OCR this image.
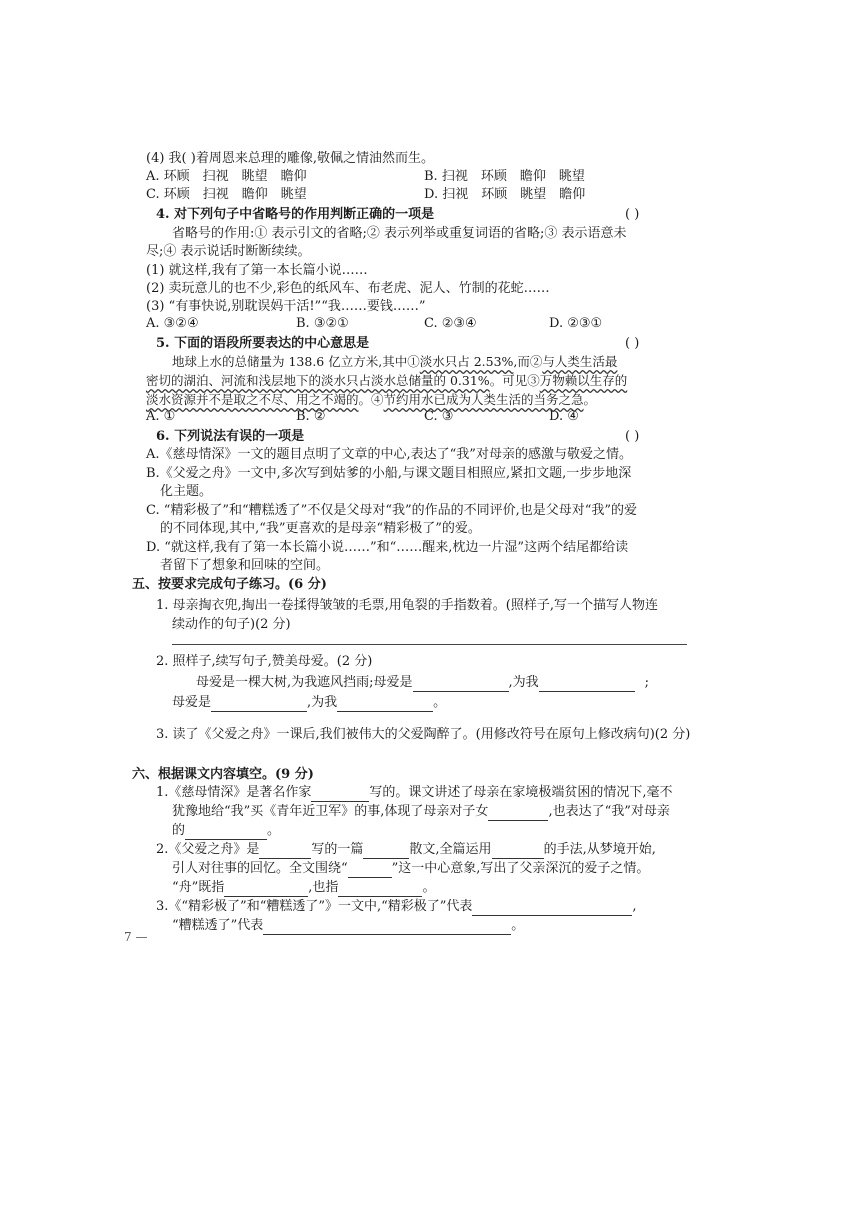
(4) 我( )着周恩来总理的雕像,敬佩之情油然而生。
A. 环顾　扫视　眺望　瞻仰	B. 扫视　环顾　瞻仰　眺望
C. 环顾　扫视　瞻仰　眺望	D. 扫视　环顾　眺望　瞻仰
4. 对下列句子中省略号的作用判断正确的一项是	( )
省略号的作用:① 表示引文的省略;② 表示列举或重复词语的省略;③ 表示语意未
尽;④ 表示说话时断断续续。
(1) 就这样,我有了第一本长篇小说……
(2) 卖玩意儿的也不少,彩色的纸风车、布老虎、泥人、竹制的花蛇……
(3) “有事快说,别耽误妈干活!”“我……要钱……”
A. ③②④	B. ③②①	C. ②③④	D. ②③①
5. 下面的语段所要表达的中心意思是	( )
地球上水的总储量为 138.6 亿立方米,其中①淡水只占 2.53%,而②与人类生活最
密切的湖泊、河流和浅层地下的淡水只占淡水总储量的 0.31%。可见③万物赖以生存的
淡水资源并不是取之不尽、用之不竭的。④节约用水已成为人类生活的当务之急。
A. ①	B. ②	C. ③	D. ④
6. 下列说法有误的一项是	( )
A.《慈母情深》一文的题目点明了文章的中心,表达了“我”对母亲的感激与敬爱之情。
B.《父爱之舟》一文中,多次写到姑爹的小船,与课文题目相照应,紧扣文题,一步步地深
化主题。
C. “精彩极了”和“糟糕透了”不仅是父母对“我”的作品的不同评价,也是父母对“我”的爱
的不同体现,其中,“我”更喜欢的是母亲“精彩极了”的爱。
D. “就这样,我有了第一本长篇小说……”和“……醒来,枕边一片湿”这两个结尾都给读
者留下了想象和回味的空间。
五、按要求完成句子练习。(6 分)
1. 母亲掏衣兜,掏出一卷揉得皱皱的毛票,用龟裂的手指数着。(照样子,写一个描写人物连
续动作的句子)(2 分)
2. 照样子,续写句子,赞美母爱。(2 分)
母爱是一棵大树,为我遮风挡雨;母爱是	,为我	;
母爱是	,为我	。
3. 读了《父爱之舟》一课后,我们被伟大的父爱陶醉了。(用修改符号在原句上修改病句)(2 分)
六、根据课文内容填空。(9 分)
1.《慈母情深》是著名作家	写的。课文讲述了母亲在家境极端贫困的情况下,毫不
犹豫地给“我”买《青年近卫军》的事,体现了母亲对子女	,也表达了“我”对母亲
的	。
2.《父爱之舟》是	写的一篇	散文,全篇运用	的手法,从梦境开始,
引人对往事的回忆。全文围绕“	”这一中心意象,写出了父亲深沉的爱子之情。
“舟”既指	,也指	。
3.《“精彩极了”和“糟糕透了”》一文中,“精彩极了”代表	,
“糟糕透了”代表	。
7 —
